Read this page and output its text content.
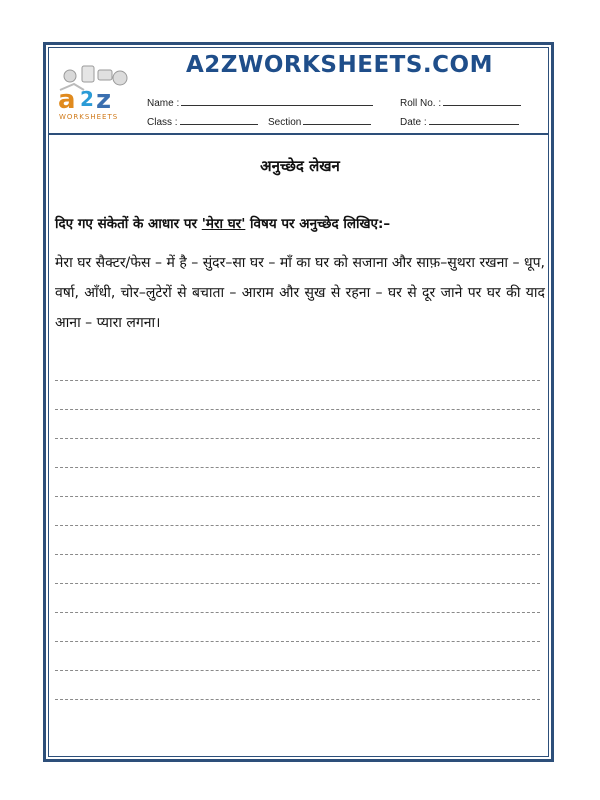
a 2 z
WORKSHEETS
A2ZWORKSHEETS.COM
Name :	Roll No. :
Class :	Section	Date :
अनुच्छेद लेखन
दिए गए संकेतों के आधार पर 'मेरा घर' विषय पर अनुच्छेद लिखिए:–
मेरा घर सैक्टर/फेस – में है – सुंदर–सा घर – माँ का घर को सजाना और साफ़–सुथरा रखना – धूप, वर्षा, आँधी, चोर–लुटेरों से बचाता – आराम और सुख से रहना – घर से दूर जाने पर घर की याद आना – प्यारा लगना।
